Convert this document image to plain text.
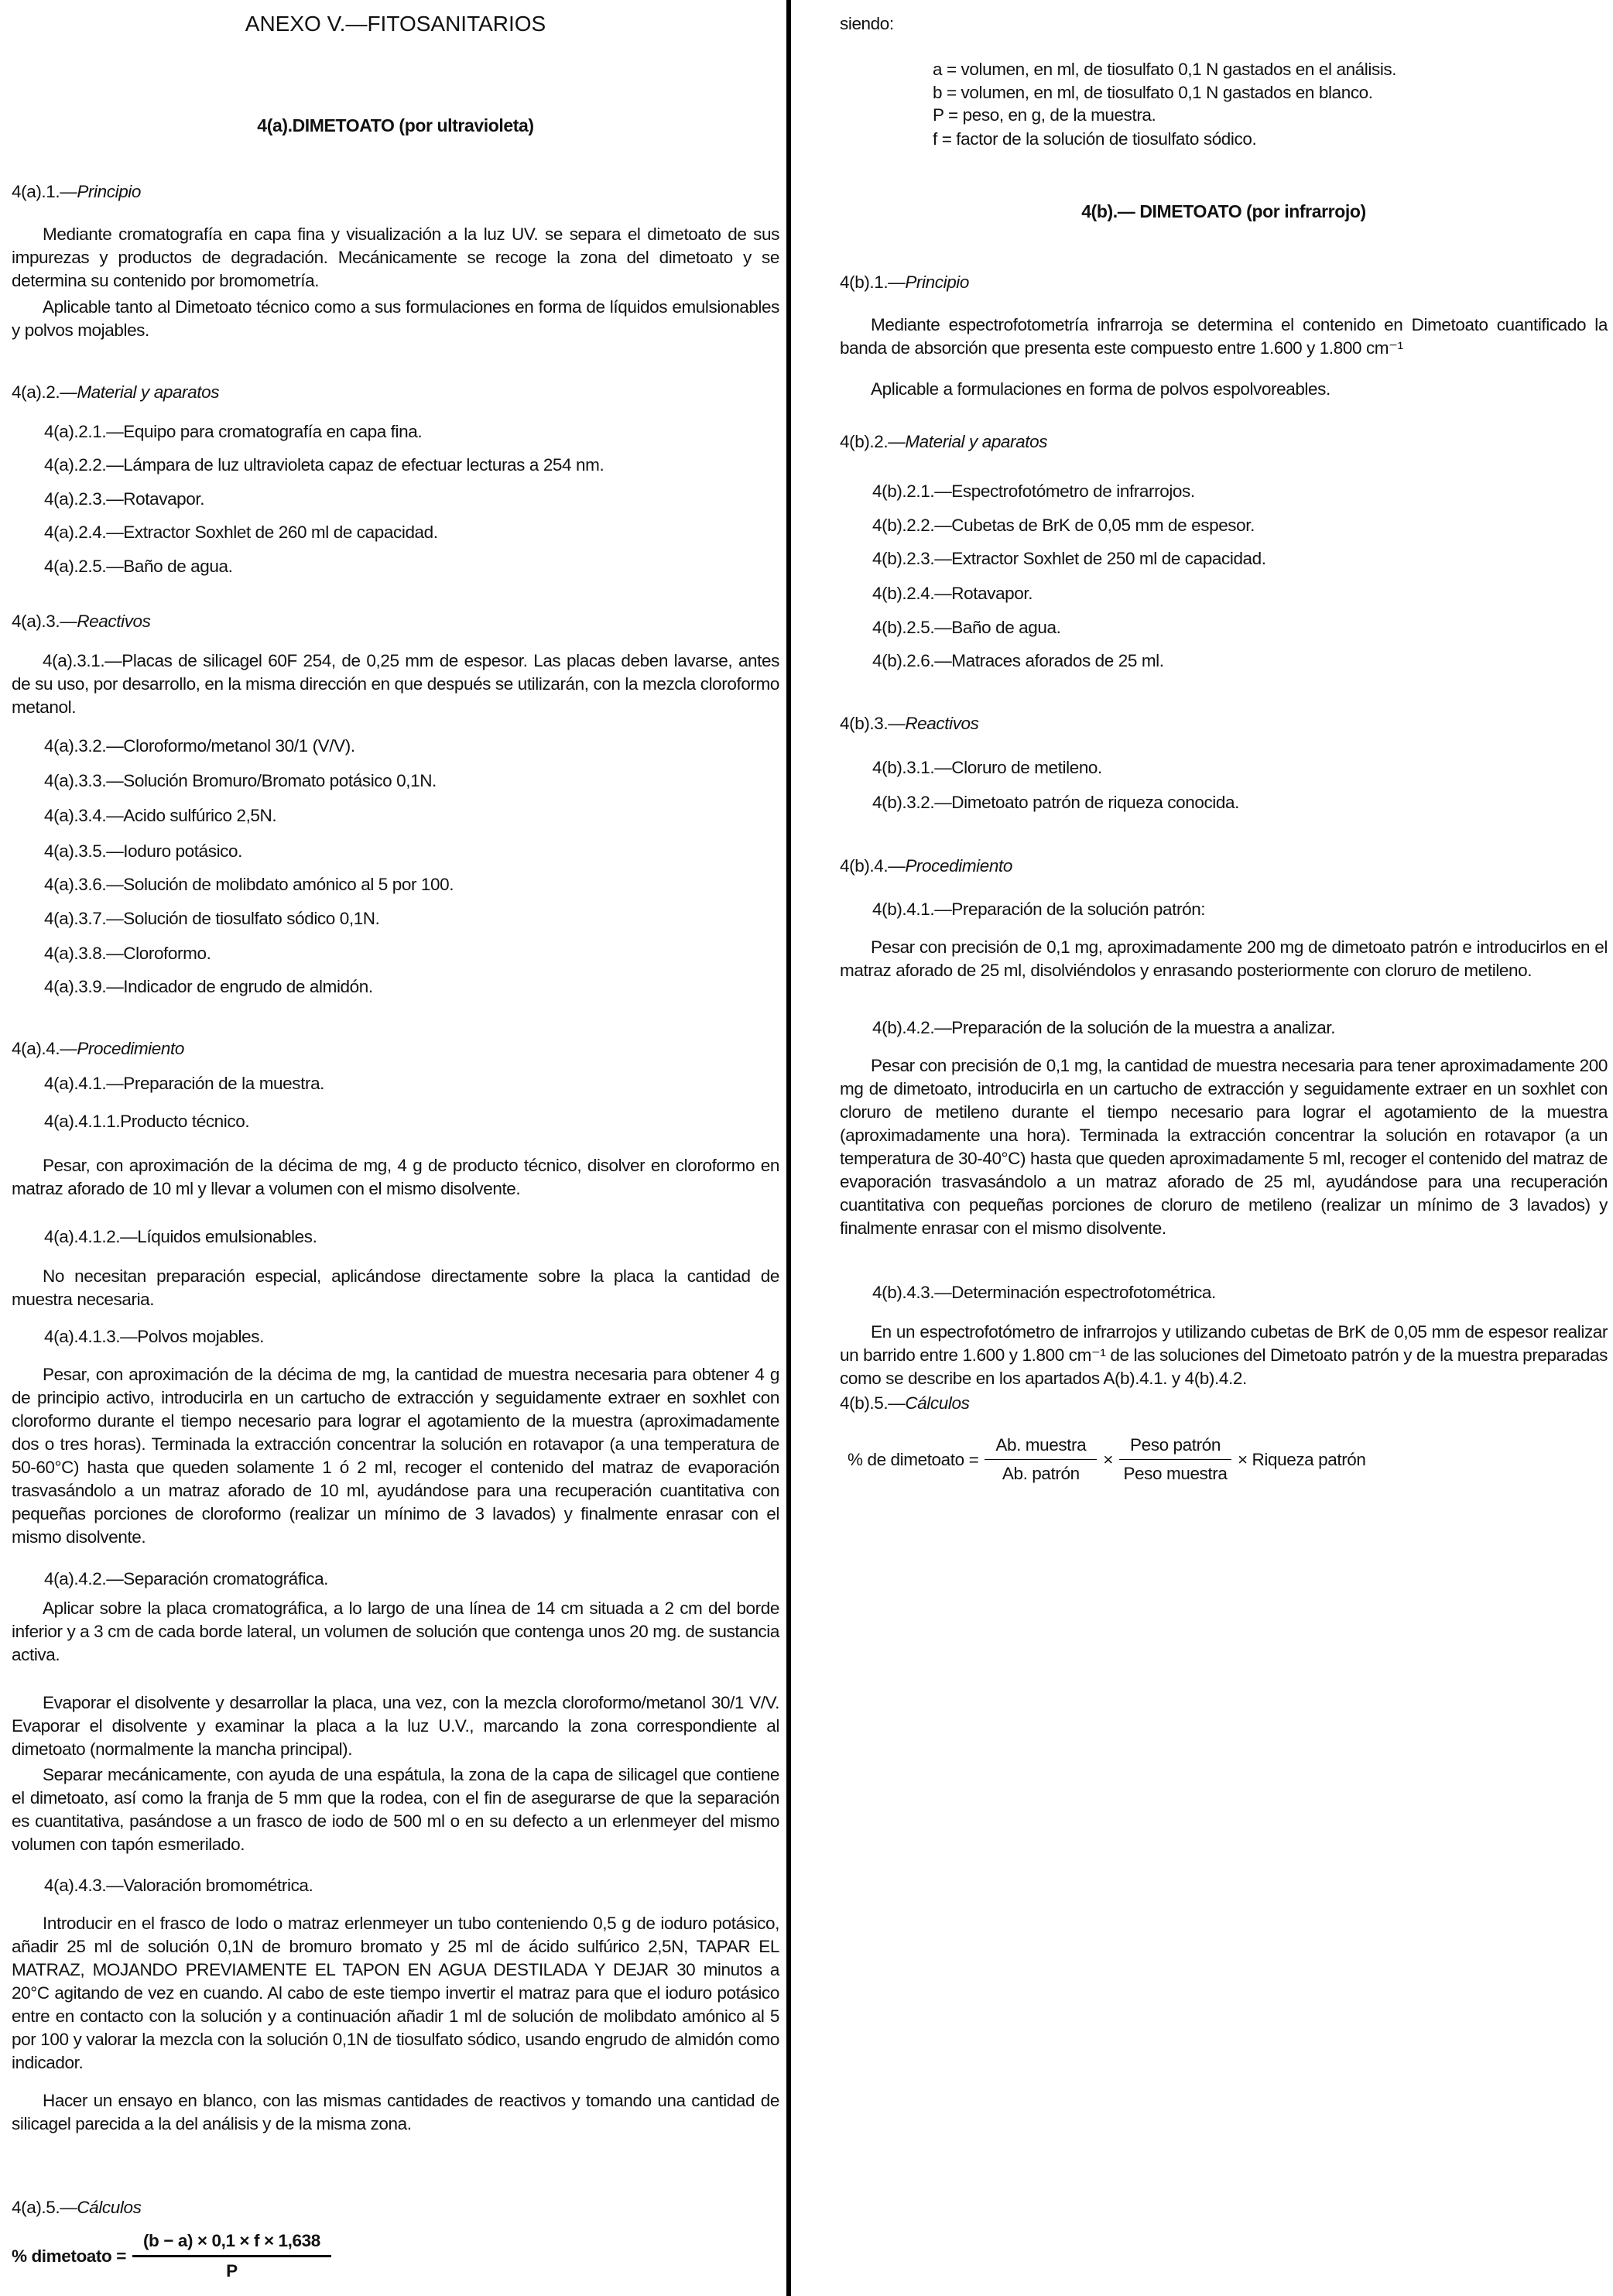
ANEXO V.—FITOSANITARIOS
4(a).DIMETOATO (por ultravioleta)
4(a).1.—Principio
Mediante cromatografía en capa fina y visualización a la luz UV. se separa el dimetoato de sus impurezas y productos de degradación. Mecánicamente se recoge la zona del dimetoato y se determina su contenido por bromometría.
Aplicable tanto al Dimetoato técnico como a sus formulaciones en forma de líquidos emulsionables y polvos mojables.
4(a).2.—Material y aparatos
4(a).2.1.—Equipo para cromatografía en capa fina.
4(a).2.2.—Lámpara de luz ultravioleta capaz de efectuar lecturas a 254 nm.
4(a).2.3.—Rotavapor.
4(a).2.4.—Extractor Soxhlet de 260 ml de capacidad.
4(a).2.5.—Baño de agua.
4(a).3.—Reactivos
4(a).3.1.—Placas de silicagel 60F 254, de 0,25 mm de espesor. Las placas deben lavarse, antes de su uso, por desarrollo, en la misma dirección en que después se utilizarán, con la mezcla cloroformo metanol.
4(a).3.2.—Cloroformo/metanol 30/1 (V/V).
4(a).3.3.—Solución Bromuro/Bromato potásico 0,1N.
4(a).3.4.—Acido sulfúrico 2,5N.
4(a).3.5.—Ioduro potásico.
4(a).3.6.—Solución de molibdato amónico al 5 por 100.
4(a).3.7.—Solución de tiosulfato sódico 0,1N.
4(a).3.8.—Cloroformo.
4(a).3.9.—Indicador de engrudo de almidón.
4(a).4.—Procedimiento
4(a).4.1.—Preparación de la muestra.
4(a).4.1.1.Producto técnico.
Pesar, con aproximación de la décima de mg, 4 g de producto técnico, disolver en cloroformo en matraz aforado de 10 ml y llevar a volumen con el mismo disolvente.
4(a).4.1.2.—Líquidos emulsionables.
No necesitan preparación especial, aplicándose directamente sobre la placa la cantidad de muestra necesaria.
4(a).4.1.3.—Polvos mojables.
Pesar, con aproximación de la décima de mg, la cantidad de muestra necesaria para obtener 4 g de principio activo, introducirla en un cartucho de extracción y seguidamente extraer en soxhlet con cloroformo durante el tiempo necesario para lograr el agotamiento de la muestra (aproximadamente dos o tres horas). Terminada la extracción concentrar la solución en rotavapor (a una temperatura de 50-60°C) hasta que queden solamente 1 ó 2 ml, recoger el contenido del matraz de evaporación trasvasándolo a un matraz aforado de 10 ml, ayudándose para una recuperación cuantitativa con pequeñas porciones de cloroformo (realizar un mínimo de 3 lavados) y finalmente enrasar con el mismo disolvente.
4(a).4.2.—Separación cromatográfica.
Aplicar sobre la placa cromatográfica, a lo largo de una línea de 14 cm situada a 2 cm del borde inferior y a 3 cm de cada borde lateral, un volumen de solución que contenga unos 20 mg. de sustancia activa.
Evaporar el disolvente y desarrollar la placa, una vez, con la mezcla cloroformo/metanol 30/1 V/V. Evaporar el disolvente y examinar la placa a la luz U.V., marcando la zona correspondiente al dimetoato (normalmente la mancha principal).
Separar mecánicamente, con ayuda de una espátula, la zona de la capa de silicagel que contiene el dimetoato, así como la franja de 5 mm que la rodea, con el fin de asegurarse de que la separación es cuantitativa, pasándose a un frasco de iodo de 500 ml o en su defecto a un erlenmeyer del mismo volumen con tapón esmerilado.
4(a).4.3.—Valoración bromométrica.
Introducir en el frasco de Iodo o matraz erlenmeyer un tubo conteniendo 0,5 g de ioduro potásico, añadir 25 ml de solución 0,1N de bromuro bromato y 25 ml de ácido sulfúrico 2,5N, TAPAR EL MATRAZ, MOJANDO PREVIAMENTE EL TAPON EN AGUA DESTILADA Y DEJAR 30 minutos a 20°C agitando de vez en cuando. Al cabo de este tiempo invertir el matraz para que el ioduro potásico entre en contacto con la solución y a continuación añadir 1 ml de solución de molibdato amónico al 5 por 100 y valorar la mezcla con la solución 0,1N de tiosulfato sódico, usando engrudo de almidón como indicador.
Hacer un ensayo en blanco, con las mismas cantidades de reactivos y tomando una cantidad de silicagel parecida a la del análisis y de la misma zona.
4(a).5.—Cálculos
% dimetoato = $\frac{(b - a) \times 0,1 \times f \times 1,638}{P}$
siendo:
a = volumen, en ml, de tiosulfato 0,1 N gastados en el análisis.
b = volumen, en ml, de tiosulfato 0,1 N gastados en blanco.
P = peso, en g, de la muestra.
f = factor de la solución de tiosulfato sódico.
4(b).— DIMETOATO (por infrarrojo)
4(b).1.—Principio
Mediante espectrofotometría infrarroja se determina el contenido en Dimetoato cuantificado la banda de absorción que presenta este compuesto entre 1.600 y 1.800 cm⁻¹
Aplicable a formulaciones en forma de polvos espolvoreables.
4(b).2.—Material y aparatos
4(b).2.1.—Espectrofotómetro de infrarrojos.
4(b).2.2.—Cubetas de BrK de 0,05 mm de espesor.
4(b).2.3.—Extractor Soxhlet de 250 ml de capacidad.
4(b).2.4.—Rotavapor.
4(b).2.5.—Baño de agua.
4(b).2.6.—Matraces aforados de 25 ml.
4(b).3.—Reactivos
4(b).3.1.—Cloruro de metileno.
4(b).3.2.—Dimetoato patrón de riqueza conocida.
4(b).4.—Procedimiento
4(b).4.1.—Preparación de la solución patrón:
Pesar con precisión de 0,1 mg, aproximadamente 200 mg de dimetoato patrón e introducirlos en el matraz aforado de 25 ml, disolviéndolos y enrasando posteriormente con cloruro de metileno.
4(b).4.2.—Preparación de la solución de la muestra a analizar.
Pesar con precisión de 0,1 mg, la cantidad de muestra necesaria para tener aproximadamente 200 mg de dimetoato, introducirla en un cartucho de extracción y seguidamente extraer en un soxhlet con cloruro de metileno durante el tiempo necesario para lograr el agotamiento de la muestra (aproximadamente una hora). Terminada la extracción concentrar la solución en rotavapor (a un temperatura de 30-40°C) hasta que queden aproximadamente 5 ml, recoger el contenido del matraz de evaporación trasvasándolo a un matraz aforado de 25 ml, ayudándose para una recuperación cuantitativa con pequeñas porciones de cloruro de metileno (realizar un mínimo de 3 lavados) y finalmente enrasar con el mismo disolvente.
4(b).4.3.—Determinación espectrofotométrica.
En un espectrofotómetro de infrarrojos y utilizando cubetas de BrK de 0,05 mm de espesor realizar un barrido entre 1.600 y 1.800 cm⁻¹ de las soluciones del Dimetoato patrón y de la muestra preparadas como se describe en los apartados A(b).4.1. y 4(b).4.2.
4(b).5.—Cálculos
% de dimetoato = $\frac{\text{Ab. muestra}}{\text{Ab. patrón}} \times \frac{\text{Peso patrón}}{\text{Peso muestra}}$ × Riqueza patrón
